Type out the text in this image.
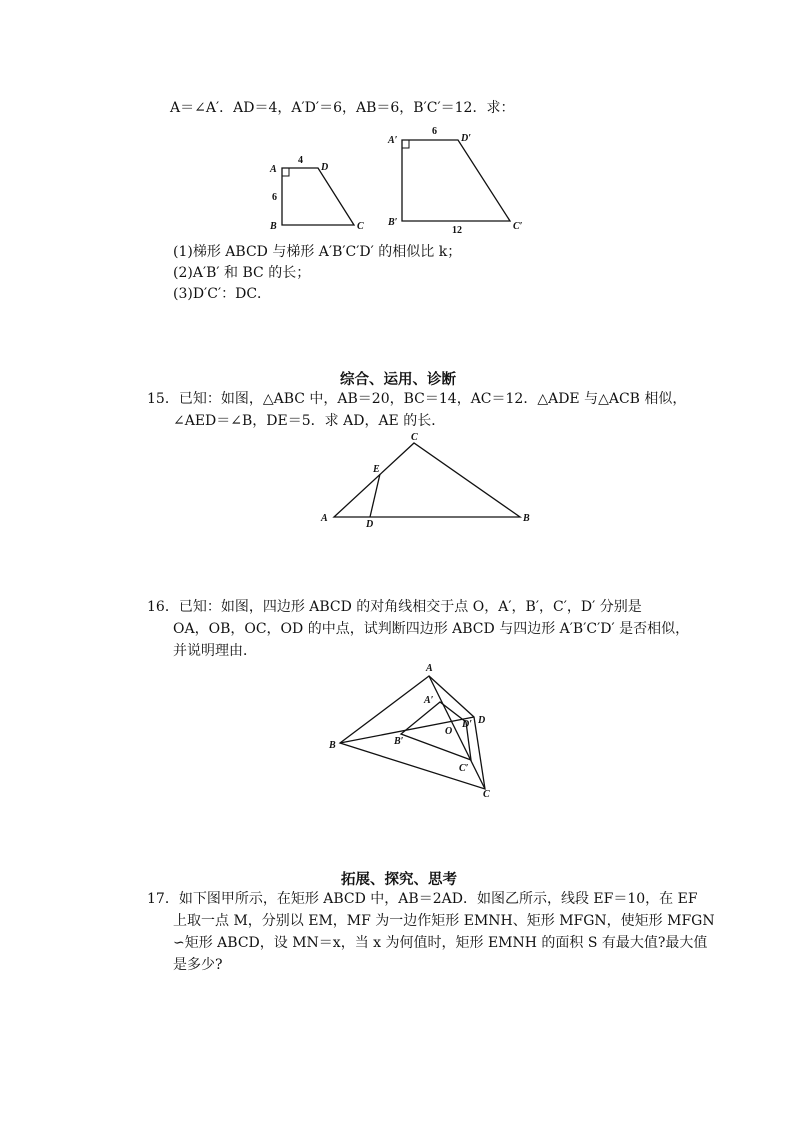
A＝∠A′．AD＝4，A′D′＝6，AB＝6，B′C′＝12．求：
A	D
B	C
4
6
A′	D′
B′	C′
6
12
A	B
C
D
E
A
B
C
D
O
A′
B′
C′
D′
(1)梯形 ABCD 与梯形 A′B′C′D′ 的相似比 k；
(2)A′B′ 和 BC 的长；
(3)D′C′：DC．
综合、运用、诊断
15．已知：如图，△ABC 中，AB＝20，BC＝14，AC＝12．△ADE 与△ACB 相似，
∠AED＝∠B，DE＝5．求 AD，AE 的长．
16．已知：如图，四边形 ABCD 的对角线相交于点 O，A′，B′，C′，D′ 分别是
OA，OB，OC，OD 的中点，试判断四边形 ABCD 与四边形 A′B′C′D′ 是否相似，
并说明理由．
拓展、探究、思考
17．如下图甲所示，在矩形 ABCD 中，AB＝2AD．如图乙所示，线段 EF＝10，在 EF
上取一点 M，分别以 EM，MF 为一边作矩形 EMNH、矩形 MFGN，使矩形 MFGN
∽矩形 ABCD，设 MN＝x，当 x 为何值时，矩形 EMNH 的面积 S 有最大值?最大值
是多少?
